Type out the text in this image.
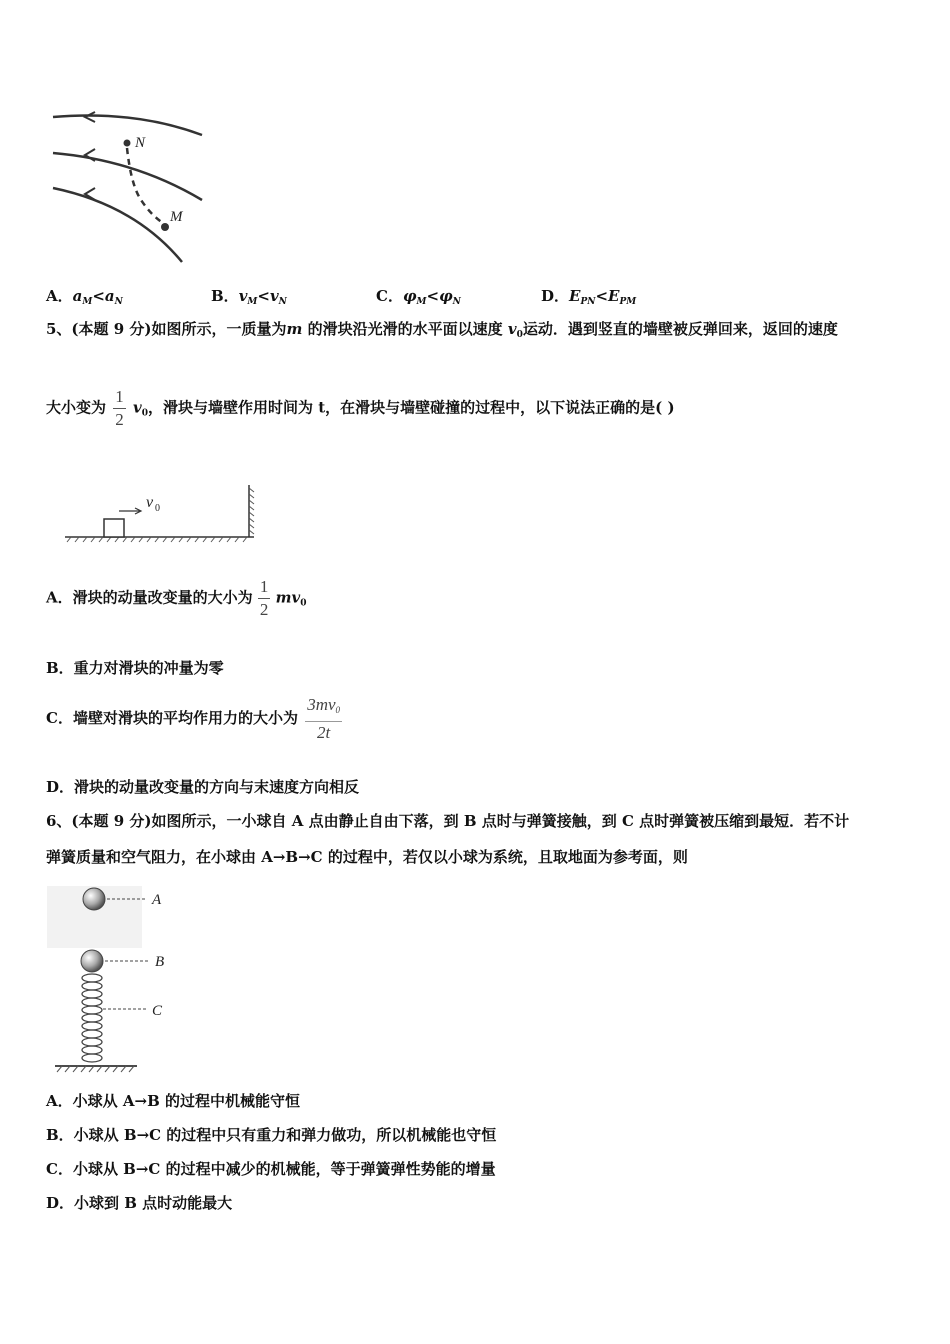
N
M
A．$a_M<a_N$	B．$v_M<v_N$	C．$\varphi_M<\varphi_N$	D．$E_{PN}<E_{PM}$
5、(本题 9 分)如图所示，一质量为m 的滑块沿光滑的水平面以速度 $v_0$运动．遇到竖直的墙壁被反弹回来，返回的速度
大小变为 $\frac{1}{2} v_0$，滑块与墙壁作用时间为 t，在滑块与墙壁碰撞的过程中，以下说法正确的是( )
v 0
A．滑块的动量改变量的大小为 $\frac{1}{2} mv_0$
B．重力对滑块的冲量为零
C．墙壁对滑块的平均作用力的大小为 $\frac{3mv_0}{2t}$
D．滑块的动量改变量的方向与末速度方向相反
6、(本题 9 分)如图所示，一小球自 A 点由静止自由下落，到 B 点时与弹簧接触，到 C 点时弹簧被压缩到最短．若不计
弹簧质量和空气阻力，在小球由 A→B→C 的过程中，若仅以小球为系统，且取地面为参考面，则
A
B
C
A．小球从 A→B 的过程中机械能守恒
B．小球从 B→C 的过程中只有重力和弹力做功，所以机械能也守恒
C．小球从 B→C 的过程中减少的机械能，等于弹簧弹性势能的增量
D．小球到 B 点时动能最大
